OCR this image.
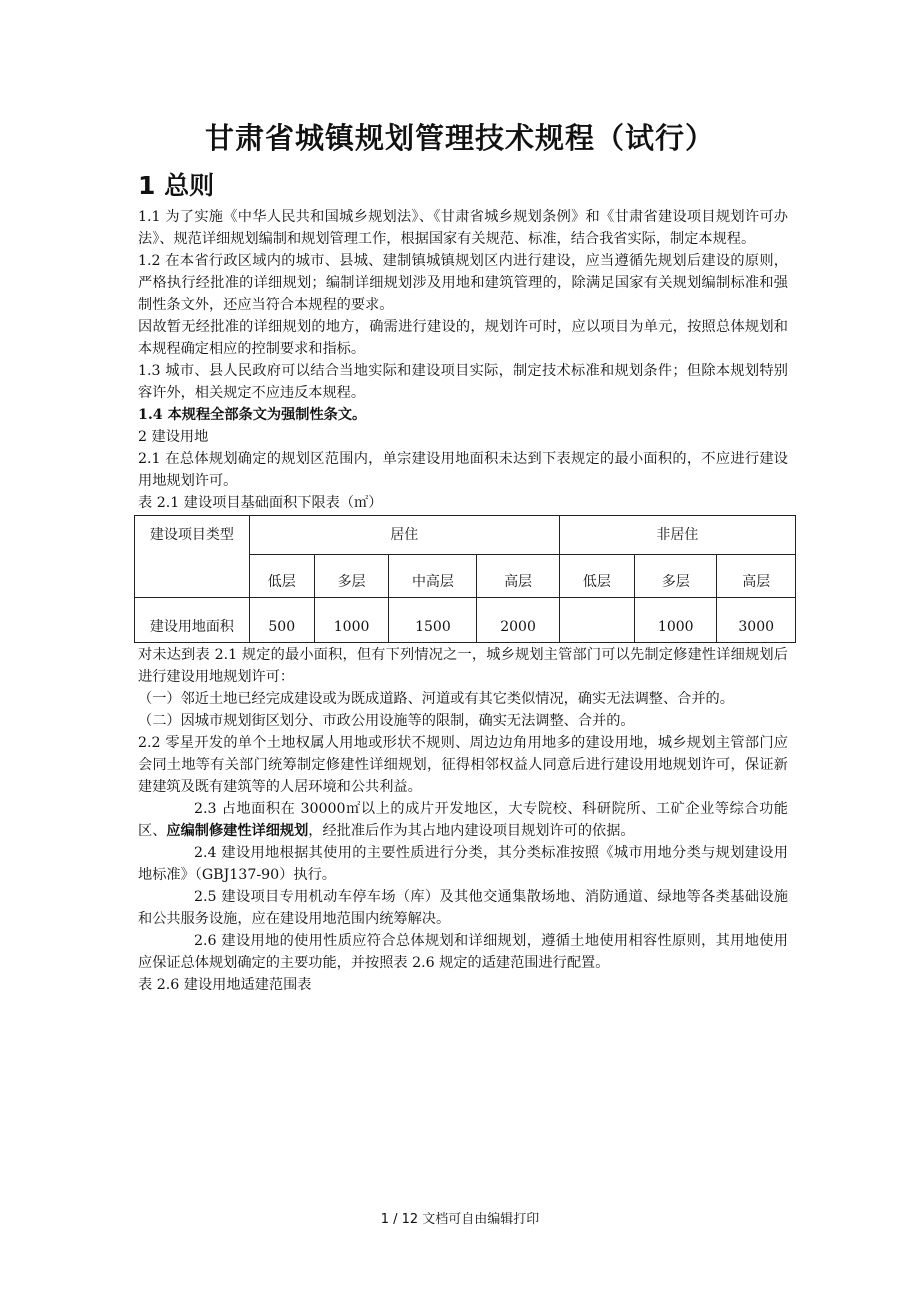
甘肃省城镇规划管理技术规程（试行）
1 总则

1.1 为了实施《中华人民共和国城乡规划法》、《甘肃省城乡规划条例》和《甘肃省建设项目规划许可办法》、规范详细规划编制和规划管理工作，根据国家有关规范、标准，结合我省实际，制定本规程。

1.2 在本省行政区域内的城市、县城、建制镇城镇规划区内进行建设，应当遵循先规划后建设的原则，严格执行经批准的详细规划；编制详细规划涉及用地和建筑管理的，除满足国家有关规划编制标准和强制性条文外，还应当符合本规程的要求。

因故暂无经批准的详细规划的地方，确需进行建设的，规划许可时，应以项目为单元，按照总体规划和本规程确定相应的控制要求和指标。

1.3 城市、县人民政府可以结合当地实际和建设项目实际，制定技术标准和规划条件；但除本规划特别容许外，相关规定不应违反本规程。

1.4 本规程全部条文为强制性条文。

2 建设用地

2.1 在总体规划确定的规划区范围内，单宗建设用地面积未达到下表规定的最小面积的，不应进行建设用地规划许可。

表 2.1 建设项目基础面积下限表（㎡）

建设项目类型	居住				非居住		
	低层	多层	中高层	高层	低层	多层	高层
建设用地面积	500	1000	1500	2000		1000	3000

对未达到表 2.1 规定的最小面积，但有下列情况之一，城乡规划主管部门可以先制定修建性详细规划后进行建设用地规划许可：

（一）邻近土地已经完成建设或为既成道路、河道或有其它类似情况，确实无法调整、合并的。

（二）因城市规划街区划分、市政公用设施等的限制，确实无法调整、合并的。

2.2 零星开发的单个土地权属人用地或形状不规则、周边边角用地多的建设用地，城乡规划主管部门应会同土地等有关部门统筹制定修建性详细规划，征得相邻权益人同意后进行建设用地规划许可，保证新建建筑及既有建筑等的人居环境和公共利益。

2.3 占地面积在 30000㎡以上的成片开发地区，大专院校、科研院所、工矿企业等综合功能区、应编制修建性详细规划，经批准后作为其占地内建设项目规划许可的依据。

2.4 建设用地根据其使用的主要性质进行分类，其分类标准按照《城市用地分类与规划建设用地标准》（GBJ137-90）执行。

2.5 建设项目专用机动车停车场（库）及其他交通集散场地、消防通道、绿地等各类基础设施和公共服务设施，应在建设用地范围内统筹解决。

2.6 建设用地的使用性质应符合总体规划和详细规划，遵循土地使用相容性原则，其用地使用应保证总体规划确定的主要功能，并按照表 2.6 规定的适建范围进行配置。

表 2.6 建设用地适建范围表

1 / 12 文档可自由编辑打印
